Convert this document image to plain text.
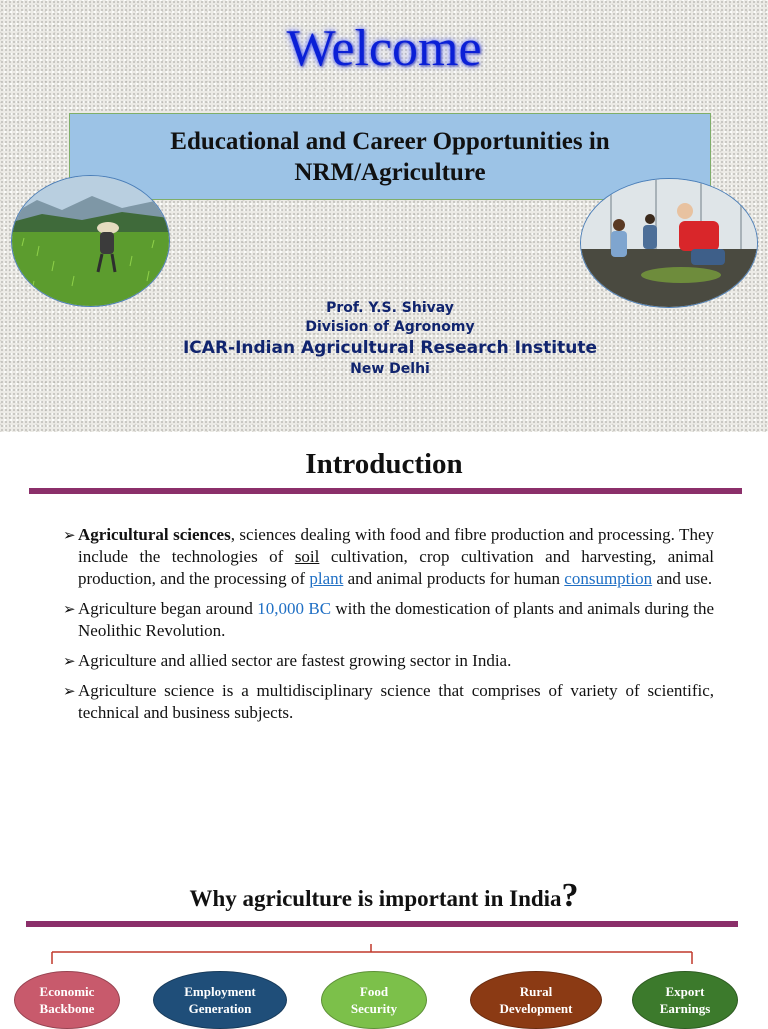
Welcome
Educational and Career Opportunities in NRM/Agriculture
Prof. Y.S. Shivay
Division of Agronomy
ICAR-Indian Agricultural Research Institute
New Delhi
Introduction
➢ Agricultural sciences, sciences dealing with food and fibre production and processing. They include the technologies of soil cultivation, crop cultivation and harvesting, animal production, and the processing of plant and animal products for human consumption and use.
➢ Agriculture began around 10,000 BC with the domestication of plants and animals during the Neolithic Revolution.
➢ Agriculture and allied sector are fastest growing sector in India.
➢ Agriculture science is a multidisciplinary science that comprises of variety of scientific, technical and business subjects.
Why agriculture is important in India?
Economic
Backbone
Employment
Generation
Food
Security
Rural
Development
Export
Earnings
